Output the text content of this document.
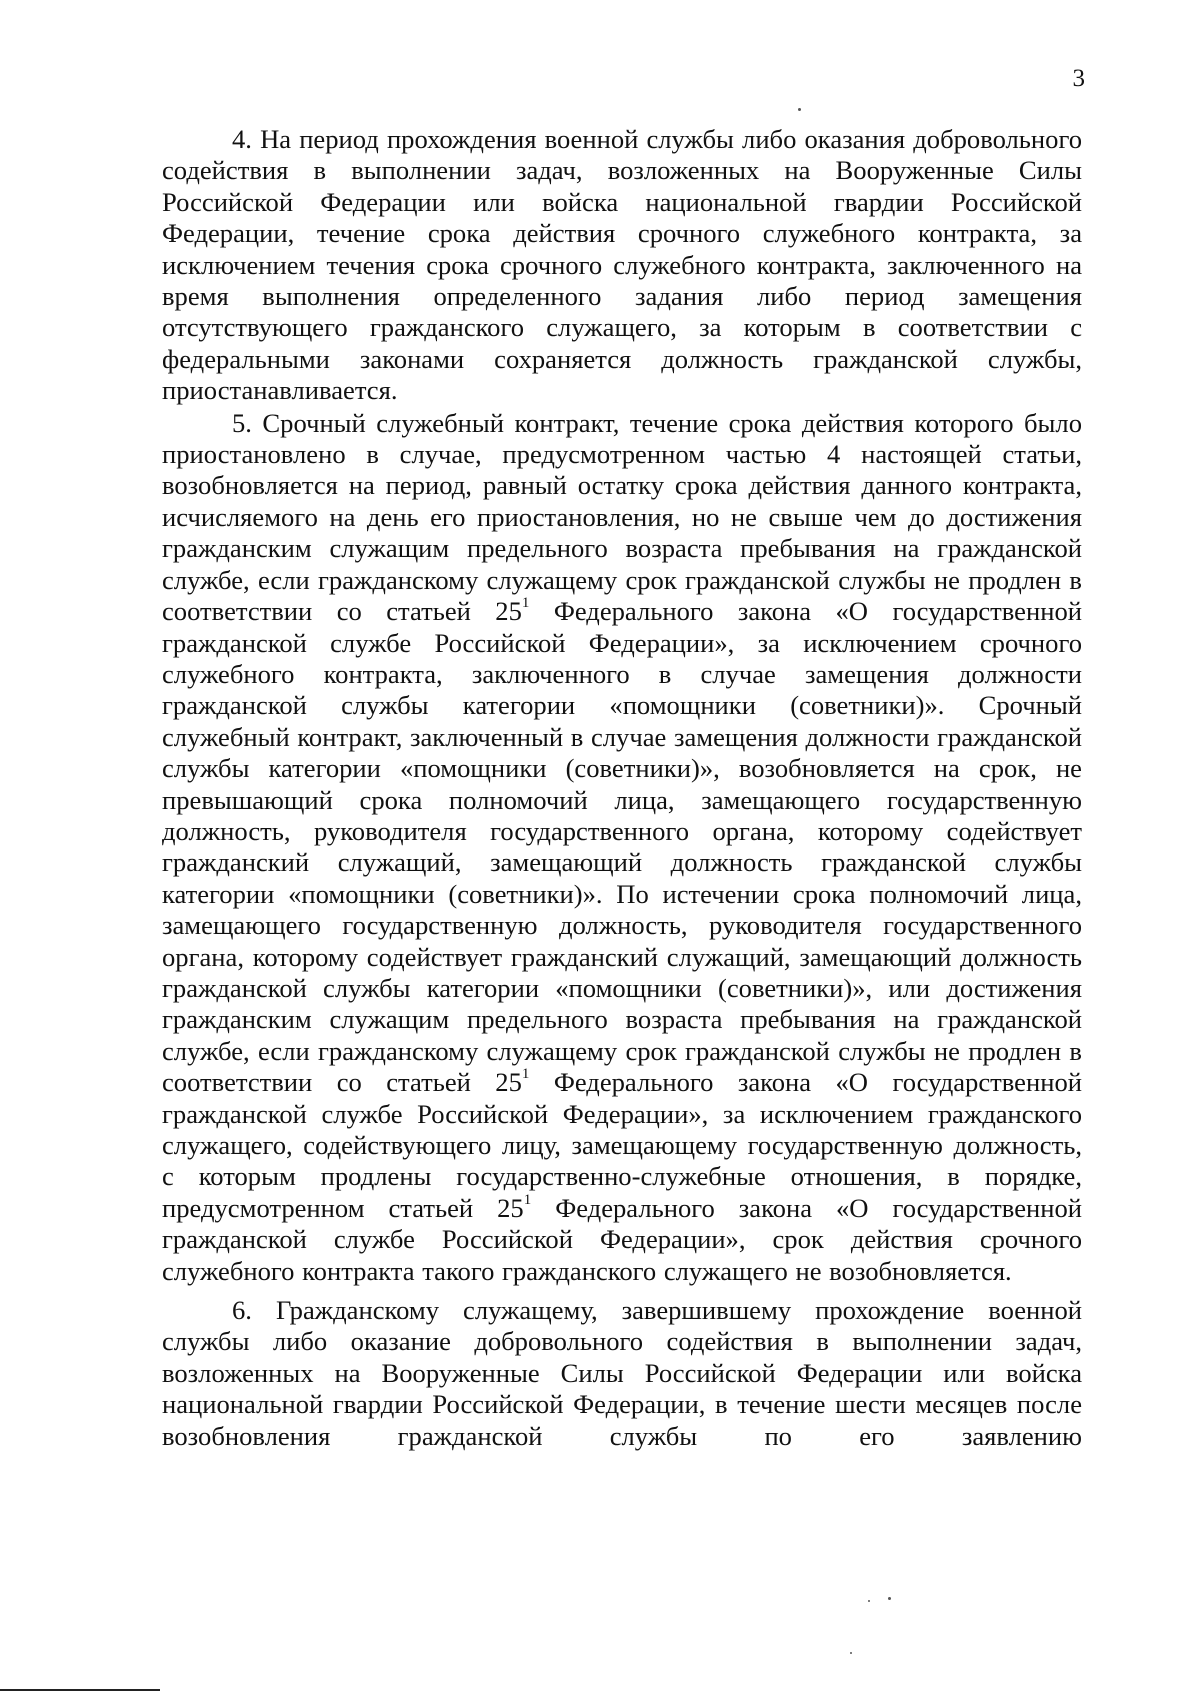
3

4. На период прохождения военной службы либо оказания добровольного содействия в выполнении задач, возложенных на Вооруженные Силы Российской Федерации или войска национальной гвардии Российской Федерации, течение срока действия срочного служебного контракта, за исключением течения срока срочного служебного контракта, заключенного на время выполнения определенного задания либо период замещения отсутствующего гражданского служащего, за которым в соответствии с федеральными законами сохраняется должность гражданской службы, приостанавливается.

5. Срочный служебный контракт, течение срока действия которого было приостановлено в случае, предусмотренном частью 4 настоящей статьи, возобновляется на период, равный остатку срока действия данного контракта, исчисляемого на день его приостановления, но не свыше чем до достижения гражданским служащим предельного возраста пребывания на гражданской службе, если гражданскому служащему срок гражданской службы не продлен в соответствии со статьей $25^1$ Федерального закона «О государственной гражданской службе Российской Федерации», за исключением срочного служебного контракта, заключенного в случае замещения должности гражданской службы категории «помощники (советники)». Срочный служебный контракт, заключенный в случае замещения должности гражданской службы категории «помощники (советники)», возобновляется на срок, не превышающий срока полномочий лица, замещающего государственную должность, руководителя государственного органа, которому содействует гражданский служащий, замещающий должность гражданской службы категории «помощники (советники)». По истечении срока полномочий лица, замещающего государственную должность, руководителя государственного органа, которому содействует гражданский служащий, замещающий должность гражданской службы категории «помощники (советники)», или достижения гражданским служащим предельного возраста пребывания на гражданской службе, если гражданскому служащему срок гражданской службы не продлен в соответствии со статьей $25^1$ Федерального закона «О государственной гражданской службе Российской Федерации», за исключением гражданского служащего, содействующего лицу, замещающему государственную должность, с которым продлены государственно-служебные отношения, в порядке, предусмотренном статьей $25^1$ Федерального закона «О государственной гражданской службе Российской Федерации», срок действия срочного служебного контракта такого гражданского служащего не возобновляется.

6. Гражданскому служащему, завершившему прохождение военной службы либо оказание добровольного содействия в выполнении задач, возложенных на Вооруженные Силы Российской Федерации или войска национальной гвардии Российской Федерации, в течение шести месяцев после возобновления гражданской службы по его заявлению
